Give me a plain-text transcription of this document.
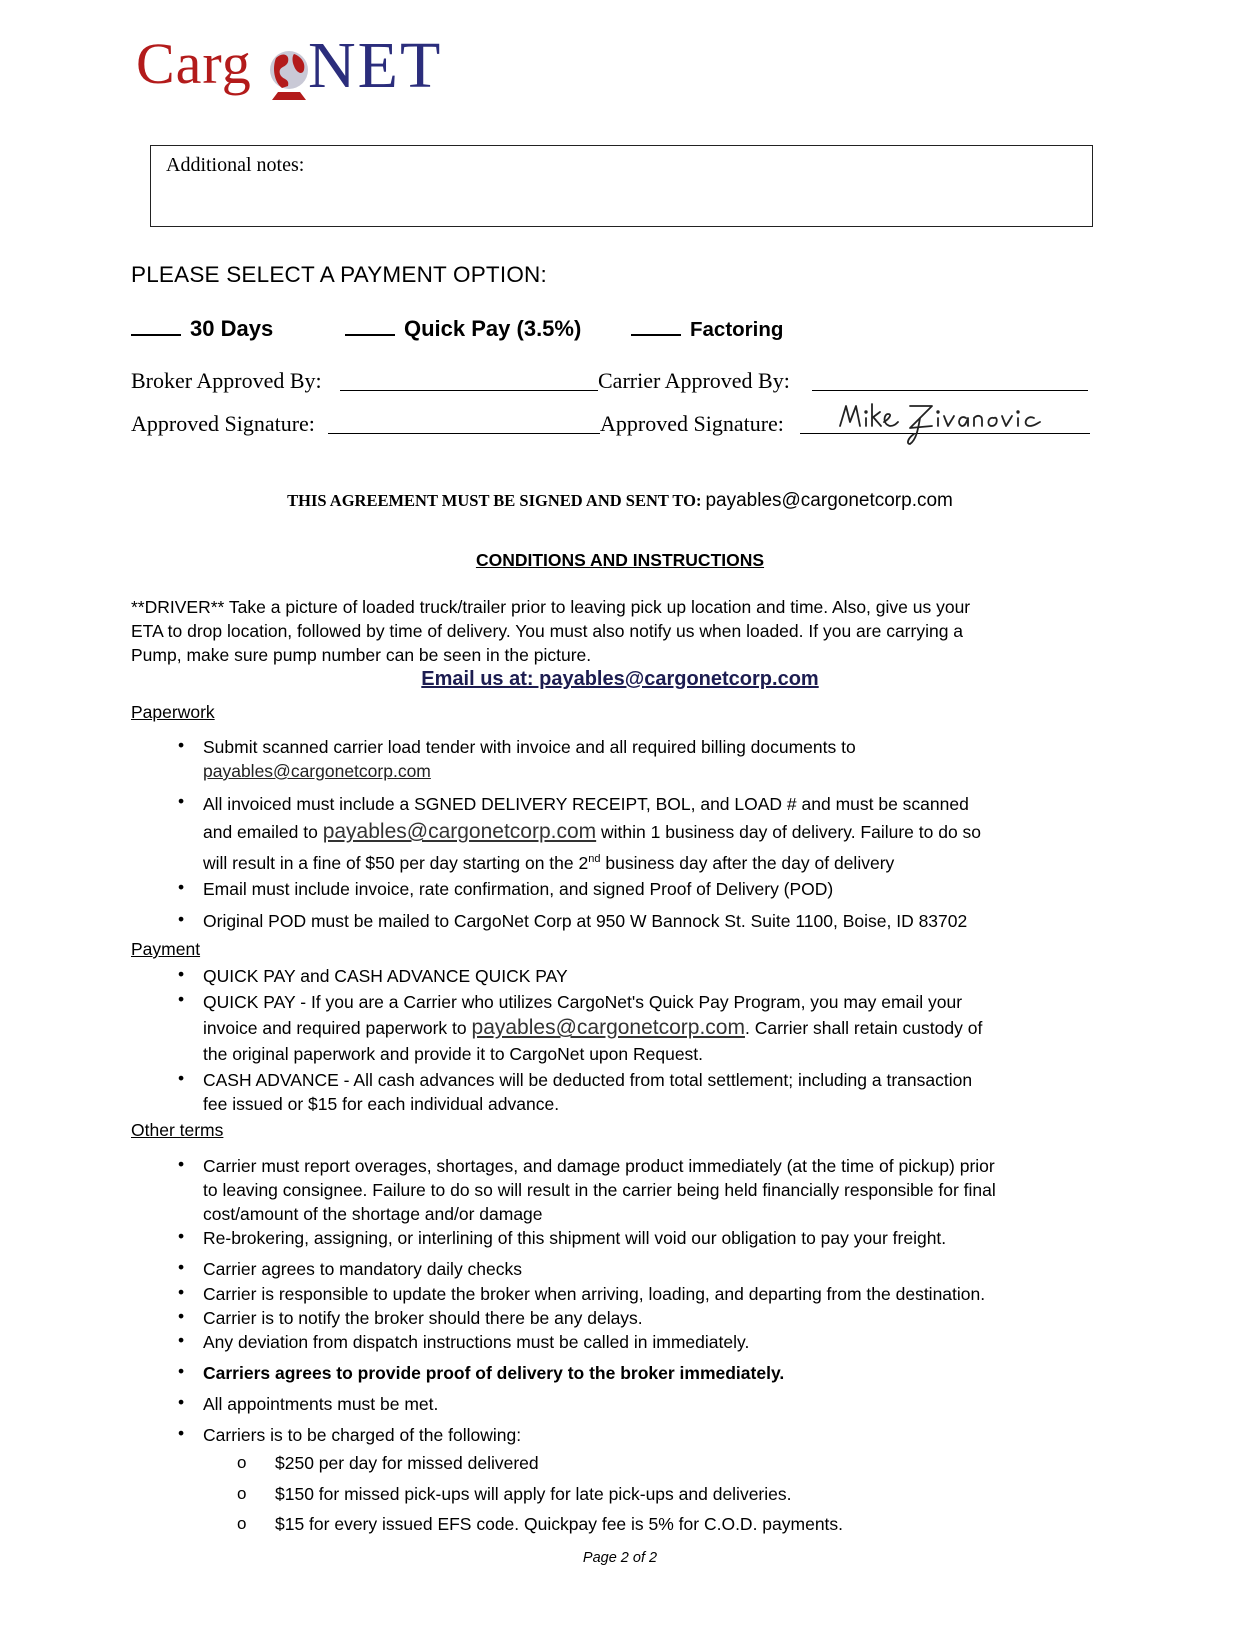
Carg NET
Additional notes:
PLEASE SELECT A PAYMENT OPTION:
30 Days	Quick Pay (3.5%)	Factoring
Broker Approved By:	Carrier Approved By:
Approved Signature:	Approved Signature:
THIS AGREEMENT MUST BE SIGNED AND SENT TO: payables@cargonetcorp.com
CONDITIONS AND INSTRUCTIONS
**DRIVER** Take a picture of loaded truck/trailer prior to leaving pick up location and time. Also, give us your
ETA to drop location, followed by time of delivery. You must also notify us when loaded. If you are carrying a
Pump, make sure pump number can be seen in the picture.
Email us at: payables@cargonetcorp.com
Paperwork
• Submit scanned carrier load tender with invoice and all required billing documents to
payables@cargonetcorp.com
• All invoiced must include a SGNED DELIVERY RECEIPT, BOL, and LOAD # and must be scanned
and emailed to payables@cargonetcorp.com within 1 business day of delivery. Failure to do so
will result in a fine of $50 per day starting on the 2nd business day after the day of delivery
• Email must include invoice, rate confirmation, and signed Proof of Delivery (POD)
• Original POD must be mailed to CargoNet Corp at 950 W Bannock St. Suite 1100, Boise, ID 83702
Payment
• QUICK PAY and CASH ADVANCE QUICK PAY
• QUICK PAY - If you are a Carrier who utilizes CargoNet's Quick Pay Program, you may email your
invoice and required paperwork to payables@cargonetcorp.com. Carrier shall retain custody of
the original paperwork and provide it to CargoNet upon Request.
• CASH ADVANCE - All cash advances will be deducted from total settlement; including a transaction
fee issued or $15 for each individual advance.
Other terms
• Carrier must report overages, shortages, and damage product immediately (at the time of pickup) prior
to leaving consignee. Failure to do so will result in the carrier being held financially responsible for final
cost/amount of the shortage and/or damage
• Re-brokering, assigning, or interlining of this shipment will void our obligation to pay your freight.
• Carrier agrees to mandatory daily checks
• Carrier is responsible to update the broker when arriving, loading, and departing from the destination.
• Carrier is to notify the broker should there be any delays.
• Any deviation from dispatch instructions must be called in immediately.
• Carriers agrees to provide proof of delivery to the broker immediately.
• All appointments must be met.
• Carriers is to be charged of the following:
o $250 per day for missed delivered
o $150 for missed pick-ups will apply for late pick-ups and deliveries.
o $15 for every issued EFS code. Quickpay fee is 5% for C.O.D. payments.
Page 2 of 2
